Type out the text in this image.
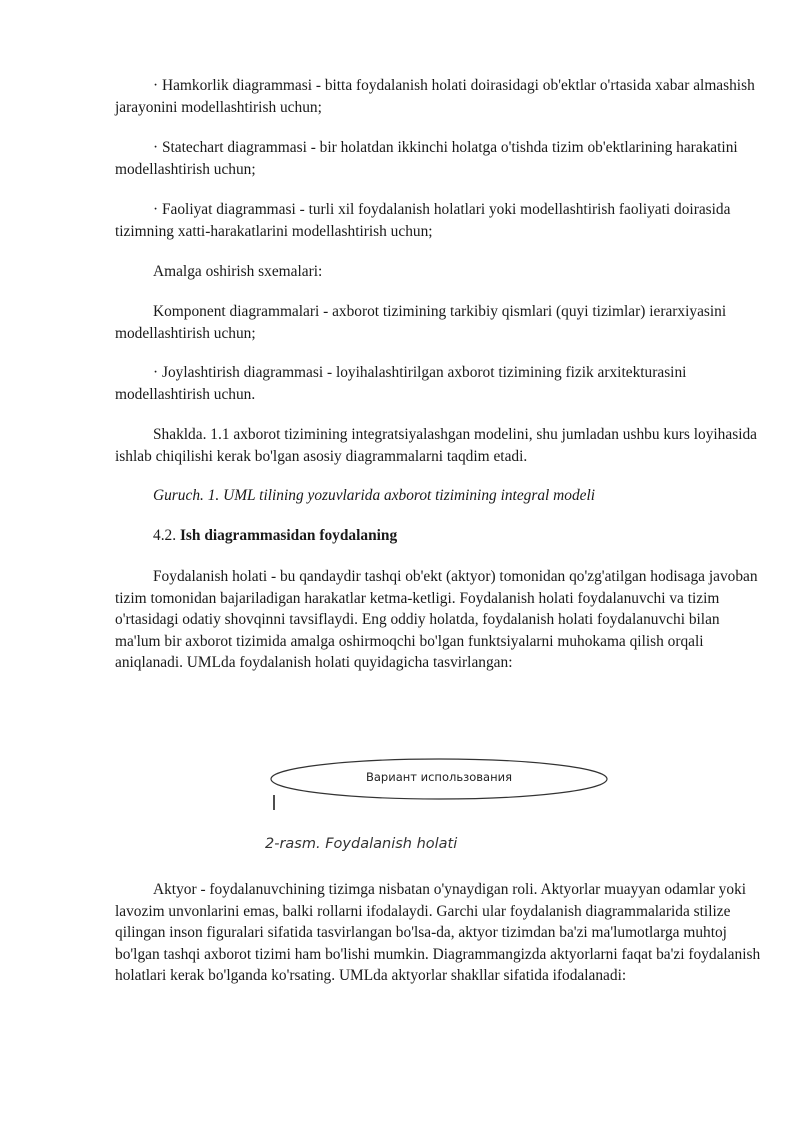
· Hamkorlik diagrammasi - bitta foydalanish holati doirasidagi ob'ektlar o'rtasida xabar almashish jarayonini modellashtirish uchun;

· Statechart diagrammasi - bir holatdan ikkinchi holatga o'tishda tizim ob'ektlarining harakatini modellashtirish uchun;

· Faoliyat diagrammasi - turli xil foydalanish holatlari yoki modellashtirish faoliyati doirasida tizimning xatti-harakatlarini modellashtirish uchun;

Amalga oshirish sxemalari:

Komponent diagrammalari - axborot tizimining tarkibiy qismlari (quyi tizimlar) ierarxiyasini modellashtirish uchun;

· Joylashtirish diagrammasi - loyihalashtirilgan axborot tizimining fizik arxitekturasini modellashtirish uchun.

Shaklda. 1.1 axborot tizimining integratsiyalashgan modelini, shu jumladan ushbu kurs loyihasida ishlab chiqilishi kerak bo'lgan asosiy diagrammalarni taqdim etadi.

Guruch. 1. UML tilining yozuvlarida axborot tizimining integral modeli

4.2. Ish diagrammasidan foydalaning

Foydalanish holati - bu qandaydir tashqi ob'ekt (aktyor) tomonidan qo'zg'atilgan hodisaga javoban tizim tomonidan bajariladigan harakatlar ketma-ketligi. Foydalanish holati foydalanuvchi va tizim o'rtasidagi odatiy shovqinni tavsiflaydi. Eng oddiy holatda, foydalanish holati foydalanuvchi bilan ma'lum bir axborot tizimida amalga oshirmoqchi bo'lgan funktsiyalarni muhokama qilish orqali aniqlanadi. UMLda foydalanish holati quyidagicha tasvirlangan:

Вариант использования
2-rasm. Foydalanish holati

Aktyor - foydalanuvchining tizimga nisbatan o'ynaydigan roli. Aktyorlar muayyan odamlar yoki lavozim unvonlarini emas, balki rollarni ifodalaydi. Garchi ular foydalanish diagrammalarida stilize qilingan inson figuralari sifatida tasvirlangan bo'lsa-da, aktyor tizimdan ba'zi ma'lumotlarga muhtoj bo'lgan tashqi axborot tizimi ham bo'lishi mumkin. Diagrammangizda aktyorlarni faqat ba'zi foydalanish holatlari kerak bo'lganda ko'rsating. UMLda aktyorlar shakllar sifatida ifodalanadi:
